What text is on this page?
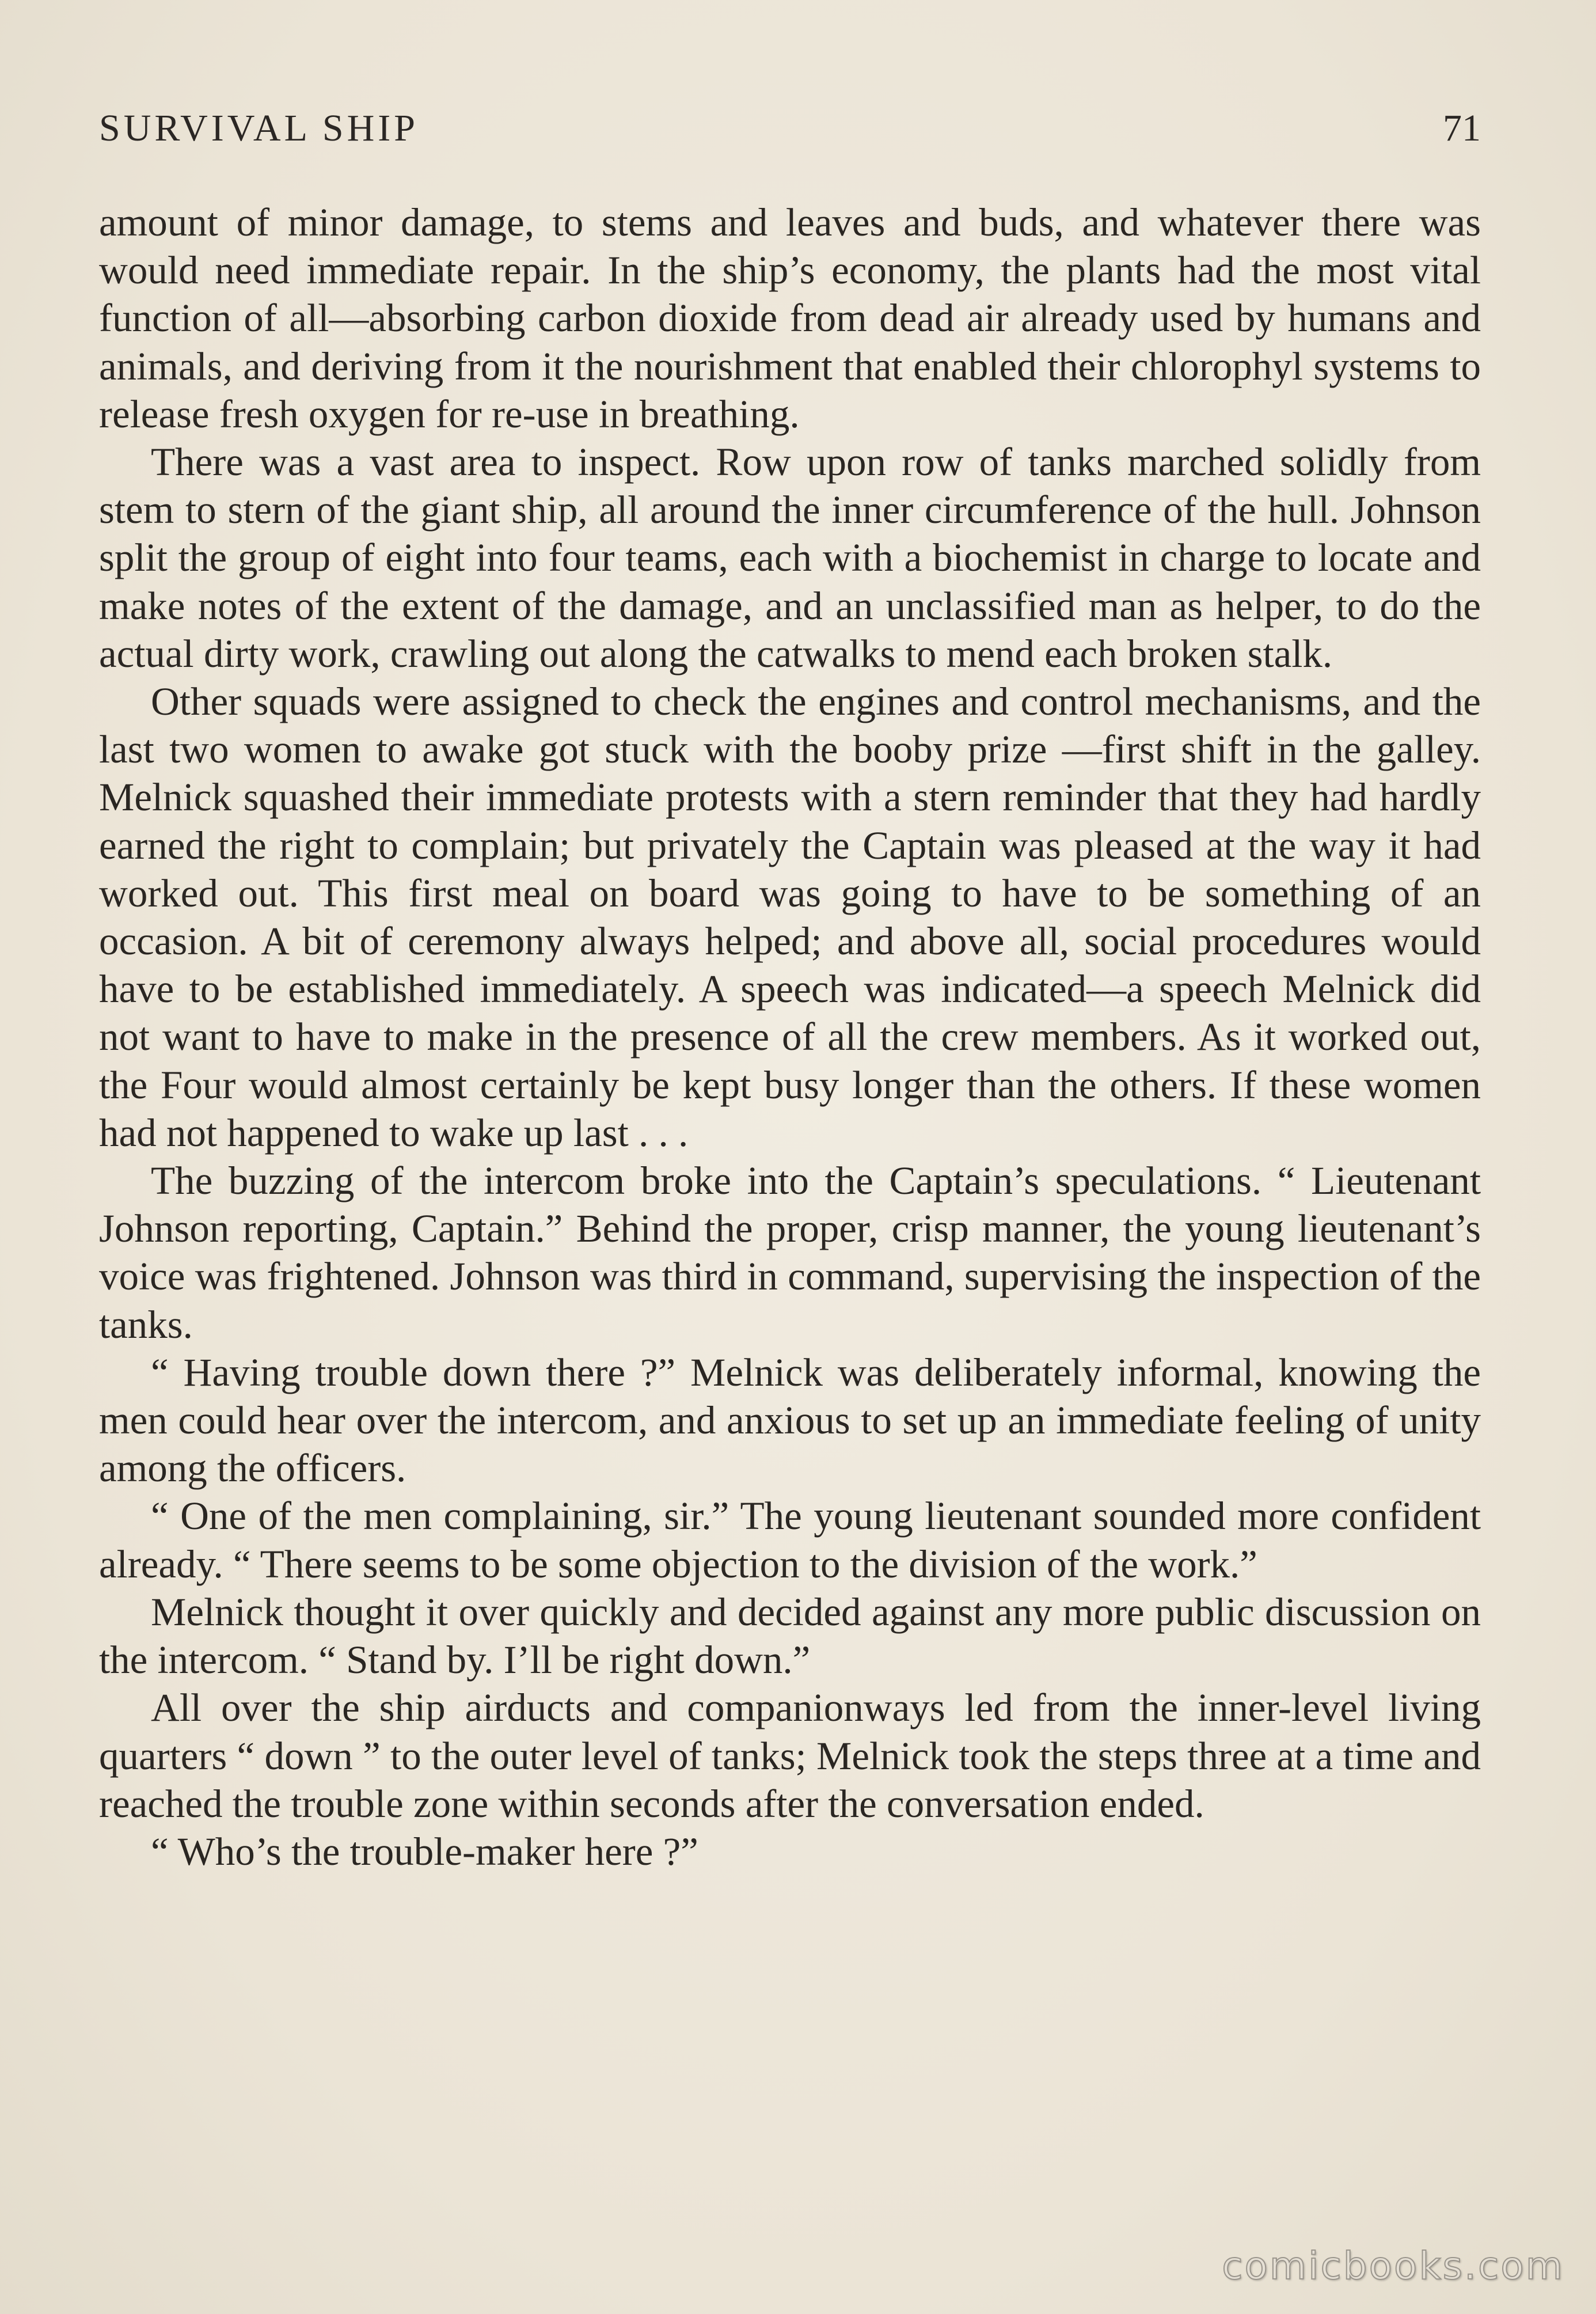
SURVIVAL SHIP	71

amount of minor damage, to stems and leaves and buds, and whatever there was would need immediate repair. In the ship’s economy, the plants had the most vital function of all—absorbing carbon dioxide from dead air already used by humans and animals, and deriving from it the nourishment that enabled their chlorophyl systems to release fresh oxygen for re-use in breathing.

There was a vast area to inspect. Row upon row of tanks marched solidly from stem to stern of the giant ship, all around the inner circumference of the hull. Johnson split the group of eight into four teams, each with a biochemist in charge to locate and make notes of the extent of the damage, and an unclassified man as helper, to do the actual dirty work, crawling out along the catwalks to mend each broken stalk.

Other squads were assigned to check the engines and control mechanisms, and the last two women to awake got stuck with the booby prize —first shift in the galley. Melnick squashed their immediate protests with a stern reminder that they had hardly earned the right to complain; but privately the Captain was pleased at the way it had worked out. This first meal on board was going to have to be something of an occasion. A bit of ceremony always helped; and above all, social procedures would have to be established immediately. A speech was indicated—a speech Melnick did not want to have to make in the presence of all the crew members. As it worked out, the Four would almost certainly be kept busy longer than the others. If these women had not happened to wake up last . . .

The buzzing of the intercom broke into the Captain’s speculations. “ Lieutenant Johnson reporting, Captain.” Behind the proper, crisp manner, the young lieutenant’s voice was frightened. Johnson was third in command, supervising the inspection of the tanks.

“ Having trouble down there ?” Melnick was deliberately informal, knowing the men could hear over the intercom, and anxious to set up an immediate feeling of unity among the officers.

“ One of the men complaining, sir.” The young lieutenant sounded more confident already. “ There seems to be some objection to the division of the work.”

Melnick thought it over quickly and decided against any more public discussion on the intercom. “ Stand by. I’ll be right down.”

All over the ship airducts and companionways led from the inner-level living quarters “ down ” to the outer level of tanks; Melnick took the steps three at a time and reached the trouble zone within seconds after the conversation ended.

“ Who’s the trouble-maker here ?”

comicbooks.com
